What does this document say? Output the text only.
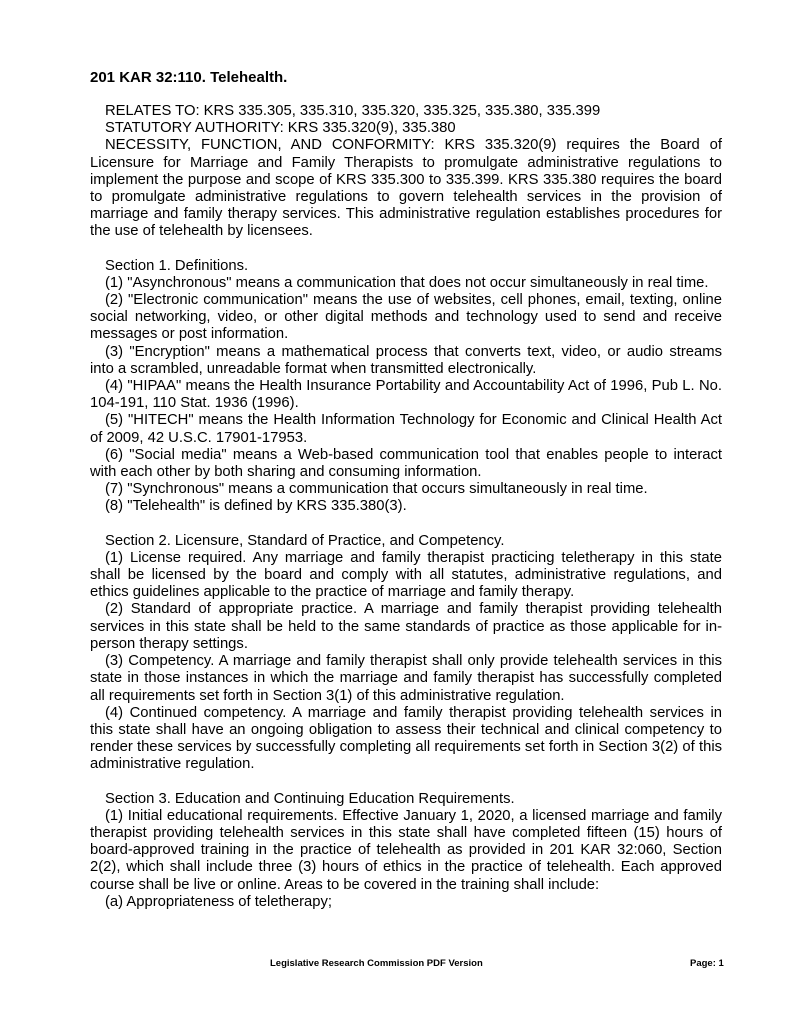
201 KAR 32:110. Telehealth.

RELATES TO: KRS 335.305, 335.310, 335.320, 335.325, 335.380, 335.399

STATUTORY AUTHORITY: KRS 335.320(9), 335.380

NECESSITY, FUNCTION, AND CONFORMITY: KRS 335.320(9) requires the Board of Licensure for Marriage and Family Therapists to promulgate administrative regulations to implement the purpose and scope of KRS 335.300 to 335.399. KRS 335.380 requires the board to promulgate administrative regulations to govern telehealth services in the provision of marriage and family therapy services. This administrative regulation establishes procedures for the use of telehealth by licensees.

Section 1. Definitions.

(1) "Asynchronous" means a communication that does not occur simultaneously in real time.

(2) "Electronic communication" means the use of websites, cell phones, email, texting, online social networking, video, or other digital methods and technology used to send and receive messages or post information.

(3) "Encryption" means a mathematical process that converts text, video, or audio streams into a scrambled, unreadable format when transmitted electronically.

(4) "HIPAA" means the Health Insurance Portability and Accountability Act of 1996, Pub L. No. 104-191, 110 Stat. 1936 (1996).

(5) "HITECH" means the Health Information Technology for Economic and Clinical Health Act of 2009, 42 U.S.C. 17901-17953.

(6) "Social media" means a Web-based communication tool that enables people to interact with each other by both sharing and consuming information.

(7) "Synchronous" means a communication that occurs simultaneously in real time.

(8) "Telehealth" is defined by KRS 335.380(3).

Section 2. Licensure, Standard of Practice, and Competency.

(1) License required. Any marriage and family therapist practicing teletherapy in this state shall be licensed by the board and comply with all statutes, administrative regulations, and ethics guidelines applicable to the practice of marriage and family therapy.

(2) Standard of appropriate practice. A marriage and family therapist providing telehealth services in this state shall be held to the same standards of practice as those applicable for in-person therapy settings.

(3) Competency. A marriage and family therapist shall only provide telehealth services in this state in those instances in which the marriage and family therapist has successfully completed all requirements set forth in Section 3(1) of this administrative regulation.

(4) Continued competency. A marriage and family therapist providing telehealth services in this state shall have an ongoing obligation to assess their technical and clinical competency to render these services by successfully completing all requirements set forth in Section 3(2) of this administrative regulation.

Section 3. Education and Continuing Education Requirements.

(1) Initial educational requirements. Effective January 1, 2020, a licensed marriage and family therapist providing telehealth services in this state shall have completed fifteen (15) hours of board-approved training in the practice of telehealth as provided in 201 KAR 32:060, Section 2(2), which shall include three (3) hours of ethics in the practice of telehealth. Each approved course shall be live or online. Areas to be covered in the training shall include:

(a) Appropriateness of teletherapy;

Legislative Research Commission PDF Version	Page: 1
